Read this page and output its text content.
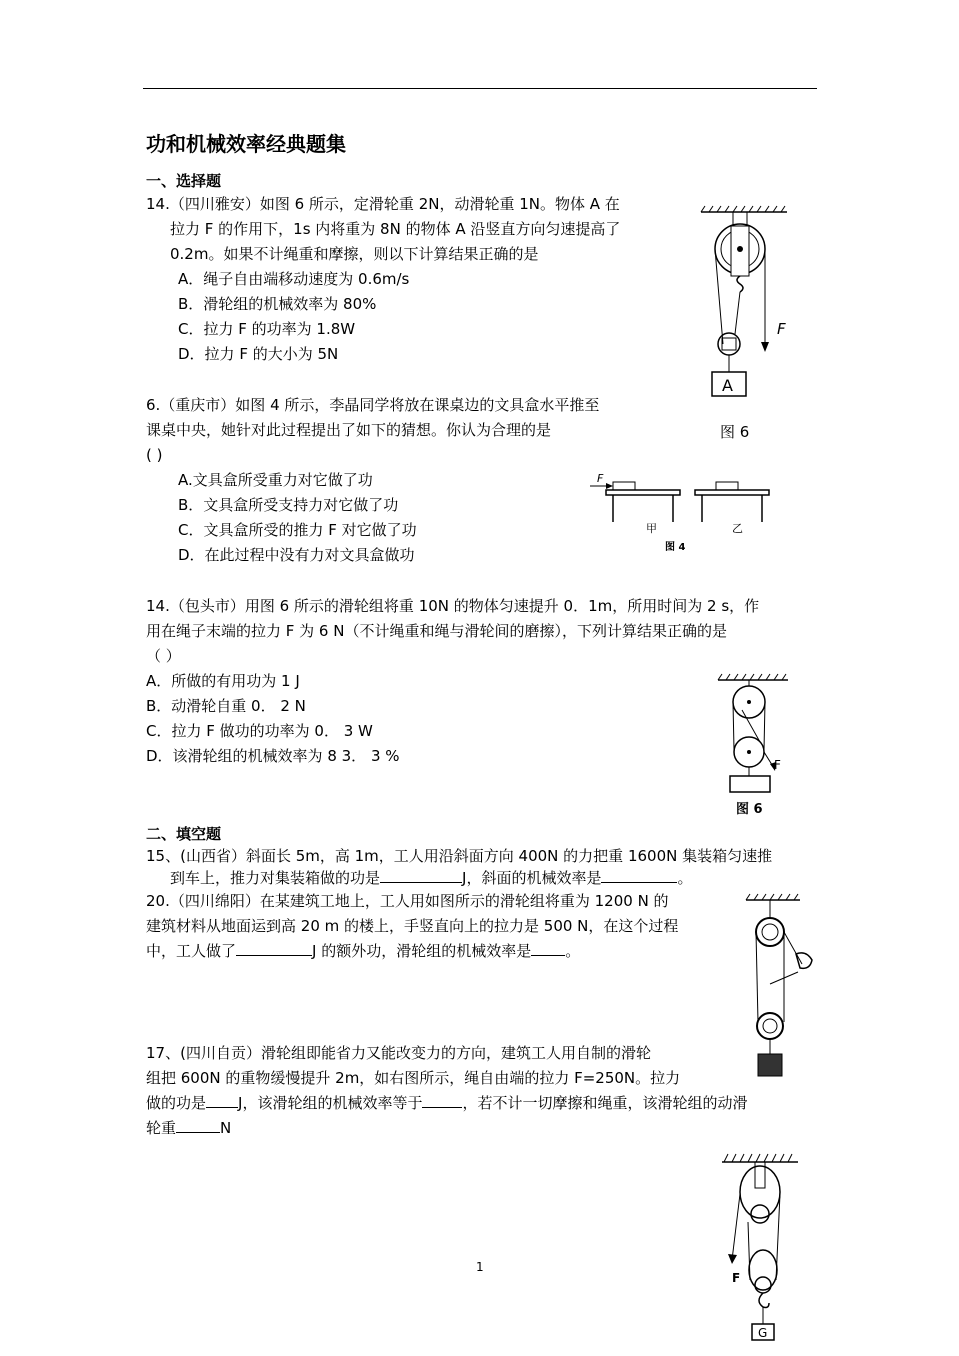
功和机械效率经典题集
一、选择题
14.（四川雅安）如图 6 所示，定滑轮重 2N，动滑轮重 1N。物体 A 在
拉力 F 的作用下，1s 内将重为 8N 的物体 A 沿竖直方向匀速提高了
0.2m。如果不计绳重和摩擦，则以下计算结果正确的是
A．绳子自由端移动速度为 0.6m/s
B．滑轮组的机械效率为 80%
C．拉力 F 的功率为 1.8W
D．拉力 F 的大小为 5N
A
F
图 6
6.（重庆市）如图 4 所示，李晶同学将放在课桌边的文具盒水平推至
课桌中央，她针对此过程提出了如下的猜想。你认为合理的是
( )
A.文具盒所受重力对它做了功
B．文具盒所受支持力对它做了功
C．文具盒所受的推力 F 对它做了功
D．在此过程中没有力对文具盒做功
F
甲	乙
图 4
14.（包头市）用图 6 所示的滑轮组将重 10N 的物体匀速提升 0．1m，所用时间为 2 s，作
用在绳子末端的拉力 F 为 6 N（不计绳重和绳与滑轮间的磨擦），下列计算结果正确的是
（ ）
A．所做的有用功为 1 J
B．动滑轮自重 0． 2 N
C．拉力 F 做功的功率为 0． 3 W
D．该滑轮组的机械效率为 8 3． 3 %	F
图 6
二、填空题
15、(山西省）斜面长 5m，高 1m，工人用沿斜面方向 400N 的力把重 1600N 集装箱匀速推
到车上，推力对集装箱做的功是	J，斜面的机械效率是	。
20.（四川绵阳）在某建筑工地上，工人用如图所示的滑轮组将重为 1200 N 的
建筑材料从地面运到高 20 m 的楼上，手竖直向上的拉力是 500 N，在这个过程
中，工人做了	J 的额外功，滑轮组的机械效率是 。
17、(四川自贡）滑轮组即能省力又能改变力的方向，建筑工人用自制的滑轮
组把 600N 的重物缓慢提升 2m，如右图所示，绳自由端的拉力 F=250N。拉力
做的功是 J，该滑轮组的机械效率等于	，若不计一切摩擦和绳重，该滑轮组的动滑
轮重	N
F
G
1
